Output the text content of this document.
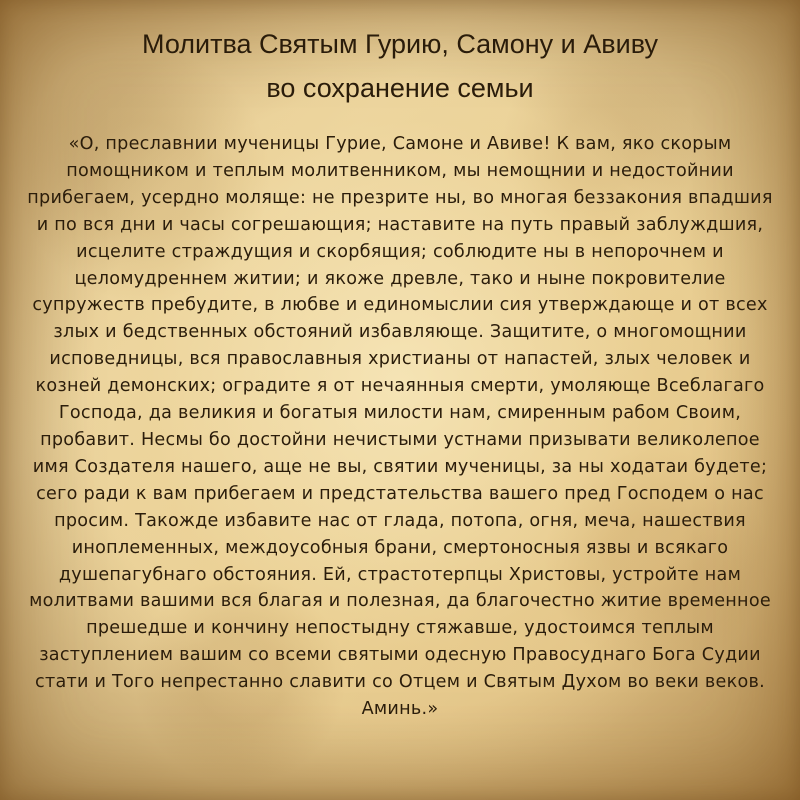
Молитва Святым Гурию, Самону и Авиву
во сохранение семьи
«О, преславнии мученицы Гурие, Самоне и Авиве! К вам, яко скорым
помощником и теплым молитвенником, мы немощнии и недостойнии
прибегаем, усердно моляще: не презрите ны, во многая беззакония впадшия
и по вся дни и часы согрешающия; наставите на путь правый заблуждшия,
исцелите страждущия и скорбящия; соблюдите ны в непорочнем и
целомудреннем житии; и якоже древле, тако и ныне покровителие
супружеств пребудите, в любве и единомыслии сия утверждающе и от всех
злых и бедственных обстояний избавляюще. Защитите, о многомощнии
исповедницы, вся православныя христианы от напастей, злых человек и
козней демонских; оградите я от нечаянныя смерти, умоляюще Всеблагаго
Господа, да великия и богатыя милости нам, смиренным рабом Своим,
пробавит. Несмы бо достойни нечистыми устнами призывати великолепое
имя Создателя нашего, аще не вы, святии мученицы, за ны ходатаи будете;
сего ради к вам прибегаем и предстательства вашего пред Господем о нас
просим. Такожде избавите нас от глада, потопа, огня, меча, нашествия
иноплеменных, междоусобныя брани, смертоносныя язвы и всякаго
душепагубнаго обстояния. Ей, страстотерпцы Христовы, устройте нам
молитвами вашими вся благая и полезная, да благочестно житие временное
прешедше и кончину непостыдну стяжавше, удостоимся теплым
заступлением вашим со всеми святыми одесную Правосуднаго Бога Судии
стати и Того непрестанно славити со Отцем и Святым Духом во веки веков.
Аминь.»
